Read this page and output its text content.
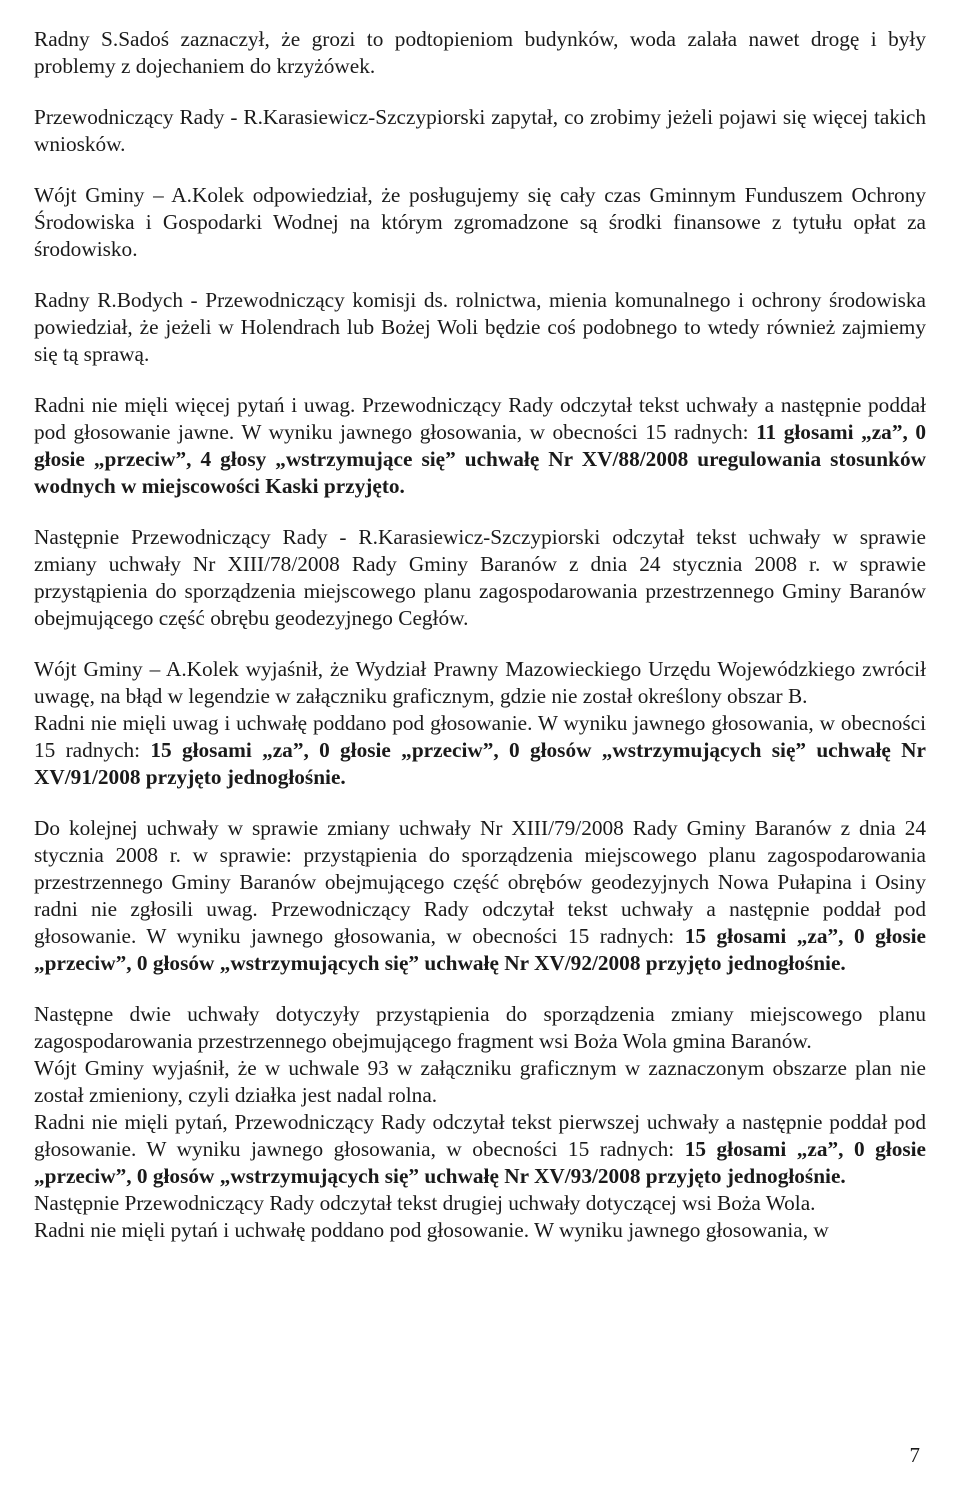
Radny S.Sadoś zaznaczył, że grozi to podtopieniom budynków, woda zalała nawet drogę i były problemy z dojechaniem do krzyżówek.

Przewodniczący Rady - R.Karasiewicz-Szczypiorski zapytał, co zrobimy jeżeli pojawi się więcej takich wniosków.

Wójt Gminy – A.Kolek odpowiedział, że posługujemy się cały czas Gminnym Funduszem Ochrony Środowiska i Gospodarki Wodnej na którym zgromadzone są środki finansowe z tytułu opłat za środowisko.

Radny R.Bodych - Przewodniczący komisji ds. rolnictwa, mienia komunalnego i ochrony środowiska powiedział, że jeżeli w Holendrach lub Bożej Woli będzie coś podobnego to wtedy również zajmiemy się tą sprawą.

Radni nie mięli więcej pytań i uwag. Przewodniczący Rady odczytał tekst uchwały a następnie poddał pod głosowanie jawne. W wyniku jawnego głosowania, w obecności 15 radnych: 11 głosami „za”, 0 głosie „przeciw”, 4 głosy „wstrzymujące się” uchwałę Nr XV/88/2008 uregulowania stosunków wodnych w miejscowości Kaski przyjęto.

Następnie Przewodniczący Rady - R.Karasiewicz-Szczypiorski odczytał tekst uchwały w sprawie zmiany uchwały Nr XIII/78/2008 Rady Gminy Baranów z dnia 24 stycznia 2008 r. w sprawie przystąpienia do sporządzenia miejscowego planu zagospodarowania przestrzennego Gminy Baranów obejmującego część obrębu geodezyjnego Cegłów.

Wójt Gminy – A.Kolek wyjaśnił, że Wydział Prawny Mazowieckiego Urzędu Wojewódzkiego zwrócił uwagę, na błąd w legendzie w załączniku graficznym, gdzie nie został określony obszar B.

Radni nie mięli uwag i uchwałę poddano pod głosowanie. W wyniku jawnego głosowania, w obecności 15 radnych: 15 głosami „za”, 0 głosie „przeciw”, 0 głosów „wstrzymujących się” uchwałę Nr XV/91/2008 przyjęto jednogłośnie.

Do kolejnej uchwały w sprawie zmiany uchwały Nr XIII/79/2008 Rady Gminy Baranów z dnia 24 stycznia 2008 r. w sprawie: przystąpienia do sporządzenia miejscowego planu zagospodarowania przestrzennego Gminy Baranów obejmującego część obrębów geodezyjnych Nowa Pułapina i Osiny radni nie zgłosili uwag. Przewodniczący Rady odczytał tekst uchwały a następnie poddał pod głosowanie. W wyniku jawnego głosowania, w obecności 15 radnych: 15 głosami „za”, 0 głosie „przeciw”, 0 głosów „wstrzymujących się” uchwałę Nr XV/92/2008 przyjęto jednogłośnie.

Następne dwie uchwały dotyczyły przystąpienia do sporządzenia zmiany miejscowego planu zagospodarowania przestrzennego obejmującego fragment wsi Boża Wola gmina Baranów.

Wójt Gminy wyjaśnił, że w uchwale 93 w załączniku graficznym w zaznaczonym obszarze plan nie został zmieniony, czyli działka jest nadal rolna.

Radni nie mięli pytań, Przewodniczący Rady odczytał tekst pierwszej uchwały a następnie poddał pod głosowanie. W wyniku jawnego głosowania, w obecności 15 radnych: 15 głosami „za”, 0 głosie „przeciw”, 0 głosów „wstrzymujących się” uchwałę Nr XV/93/2008 przyjęto jednogłośnie.

Następnie Przewodniczący Rady odczytał tekst drugiej uchwały dotyczącej wsi Boża Wola.

Radni nie mięli pytań i uchwałę poddano pod głosowanie. W wyniku jawnego głosowania, w

7
